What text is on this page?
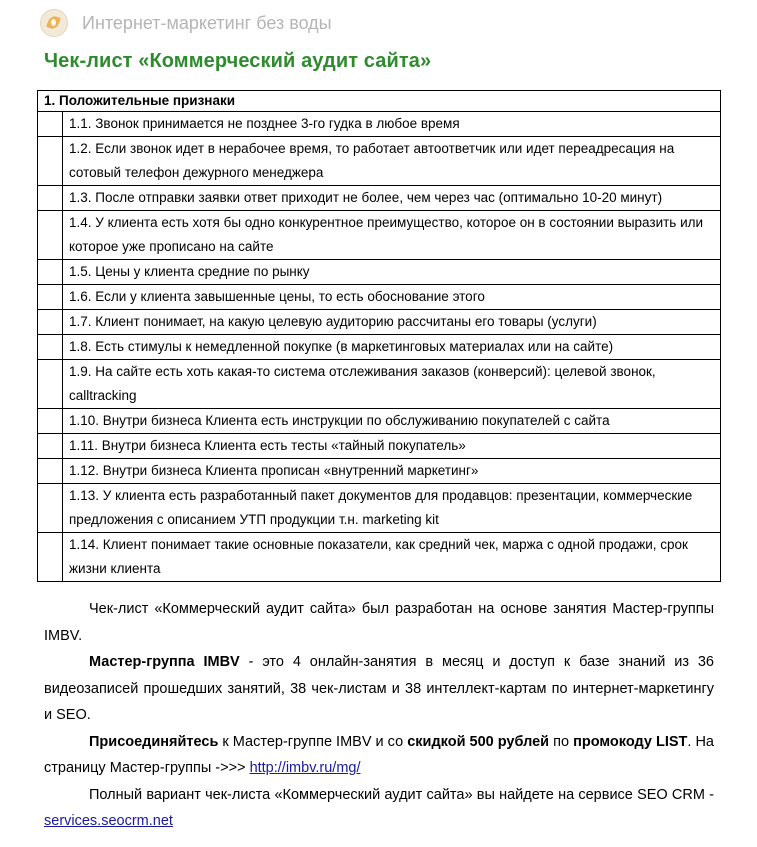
Интернет-маркетинг без воды
Чек-лист «Коммерческий аудит сайта»
1. Положительные признаки	
	1.1. Звонок принимается не позднее 3-го гудка в любое время
	1.2. Если звонок идет в нерабочее время, то работает автоответчик или идет переадресация на сотовый телефон дежурного менеджера
	1.3. После отправки заявки ответ приходит не более, чем через час (оптимально 10-20 минут)
	1.4. У клиента есть хотя бы одно конкурентное преимущество, которое он в состоянии выразить или которое уже прописано на сайте
	1.5. Цены у клиента средние по рынку
	1.6. Если у клиента завышенные цены, то есть обоснование этого
	1.7. Клиент понимает, на какую целевую аудиторию рассчитаны его товары (услуги)
	1.8. Есть стимулы к немедленной покупке (в маркетинговых материалах или на сайте)
	1.9. На сайте есть хоть какая-то система отслеживания заказов (конверсий): целевой звонок, calltracking
	1.10. Внутри бизнеса Клиента есть инструкции по обслуживанию покупателей с сайта
	1.11. Внутри бизнеса Клиента есть тесты «тайный покупатель»
	1.12. Внутри бизнеса Клиента прописан «внутренний маркетинг»
	1.13. У клиента есть разработанный пакет документов для продавцов: презентации, коммерческие предложения с описанием УТП продукции т.н. marketing kit
	1.14. Клиент понимает такие основные показатели, как средний чек, маржа с одной продажи, срок жизни клиента

Чек-лист «Коммерческий аудит сайта» был разработан на основе занятия Мастер-группы IMBV.

Мастер-группа IMBV - это 4 онлайн-занятия в месяц и доступ к базе знаний из 36 видеозаписей прошедших занятий, 38 чек-листам и 38 интеллект-картам по интернет-маркетингу и SEO.

Присоединяйтесь к Мастер-группе IMBV и со скидкой 500 рублей по промокоду LIST. На страницу Мастер-группы ->>> http://imbv.ru/mg/

Полный вариант чек-листа «Коммерческий аудит сайта» вы найдете на сервисе SEO CRM - services.seocrm.net
